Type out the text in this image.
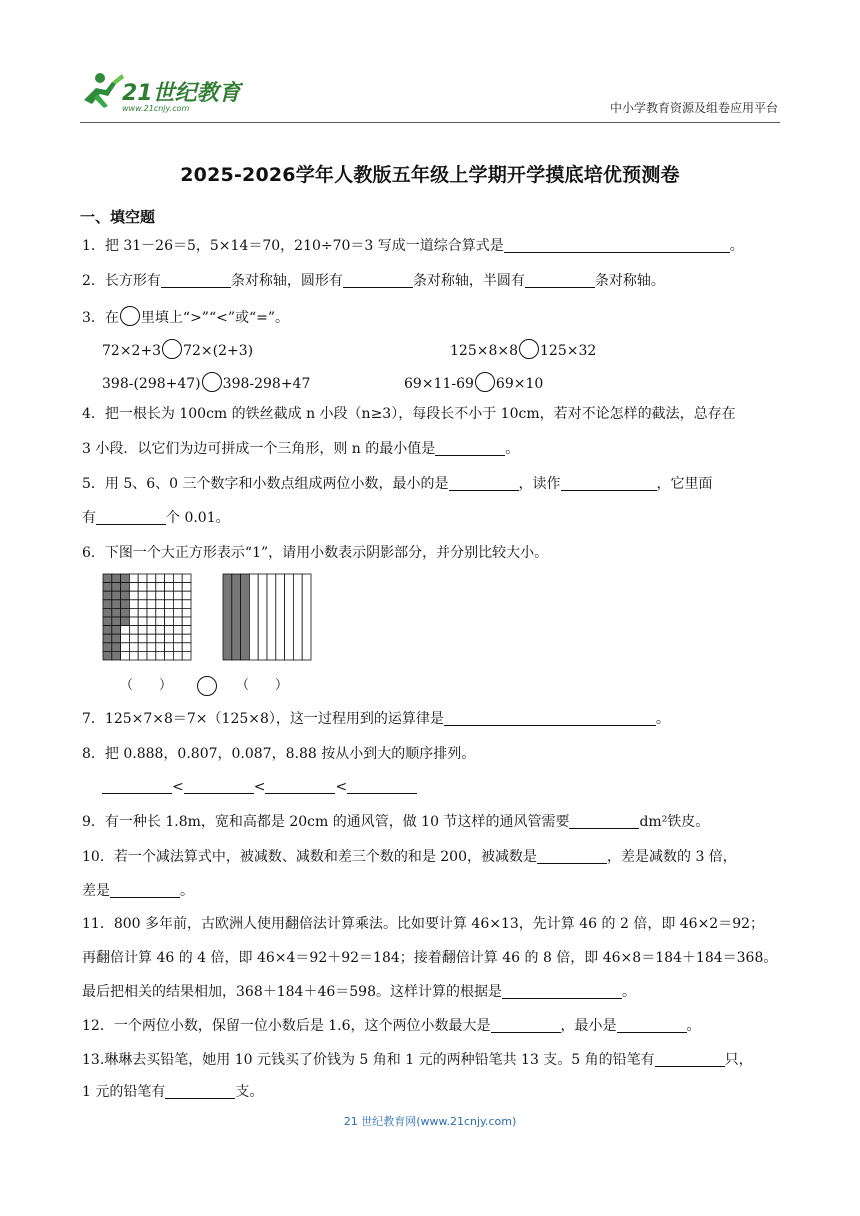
21世纪教育
www.21cnjy.com	中小学教育资源及组卷应用平台
2025-2026学年人教版五年级上学期开学摸底培优预测卷
一、填空题
1．把 31－26＝5，5×14＝70，210÷70＝3 写成一道综合算式是	。
2．长方形有	条对称轴，圆形有	条对称轴，半圆有	条对称轴。
3．在 里填上“>”“<”或“=”。
72×2+3 72×(2+3)	125×8×8 125×32
398-(298+47) 398-298+47	69×11-69 69×10
4．把一根长为 100cm 的铁丝截成 n 小段（n≥3），每段长不小于 10cm，若对不论怎样的截法，总存在
3 小段．以它们为边可拼成一个三角形，则 n 的最小值是	。
5．用 5、6、0 三个数字和小数点组成两位小数，最小的是	，读作	，它里面
有	个 0.01。
6．下图一个大正方形表示“1”，请用小数表示阴影部分，并分别比较大小。
（　　）	（　　）
7．125×7×8＝7×（125×8），这一过程用到的运算律是	。
8．把 0.888，0.807，0.087，8.88 按从小到大的顺序排列。
<	<	<
9．有一种长 1.8m，宽和高都是 20cm 的通风管，做 10 节这样的通风管需要	dm²铁皮。
10．若一个减法算式中，被减数、减数和差三个数的和是 200，被减数是	，差是减数的 3 倍，
差是	。
11．800 多年前，古欧洲人使用翻倍法计算乘法。比如要计算 46×13，先计算 46 的 2 倍，即 46×2＝92；
再翻倍计算 46 的 4 倍，即 46×4＝92＋92＝184；接着翻倍计算 46 的 8 倍，即 46×8＝184＋184＝368。
最后把相关的结果相加，368＋184＋46＝598。这样计算的根据是	。
12．一个两位小数，保留一位小数后是 1.6，这个两位小数最大是	，最小是	。
13.琳琳去买铅笔，她用 10 元钱买了价钱为 5 角和 1 元的两种铅笔共 13 支。5 角的铅笔有	只，
1 元的铅笔有	支。
21 世纪教育网(www.21cnjy.com)
